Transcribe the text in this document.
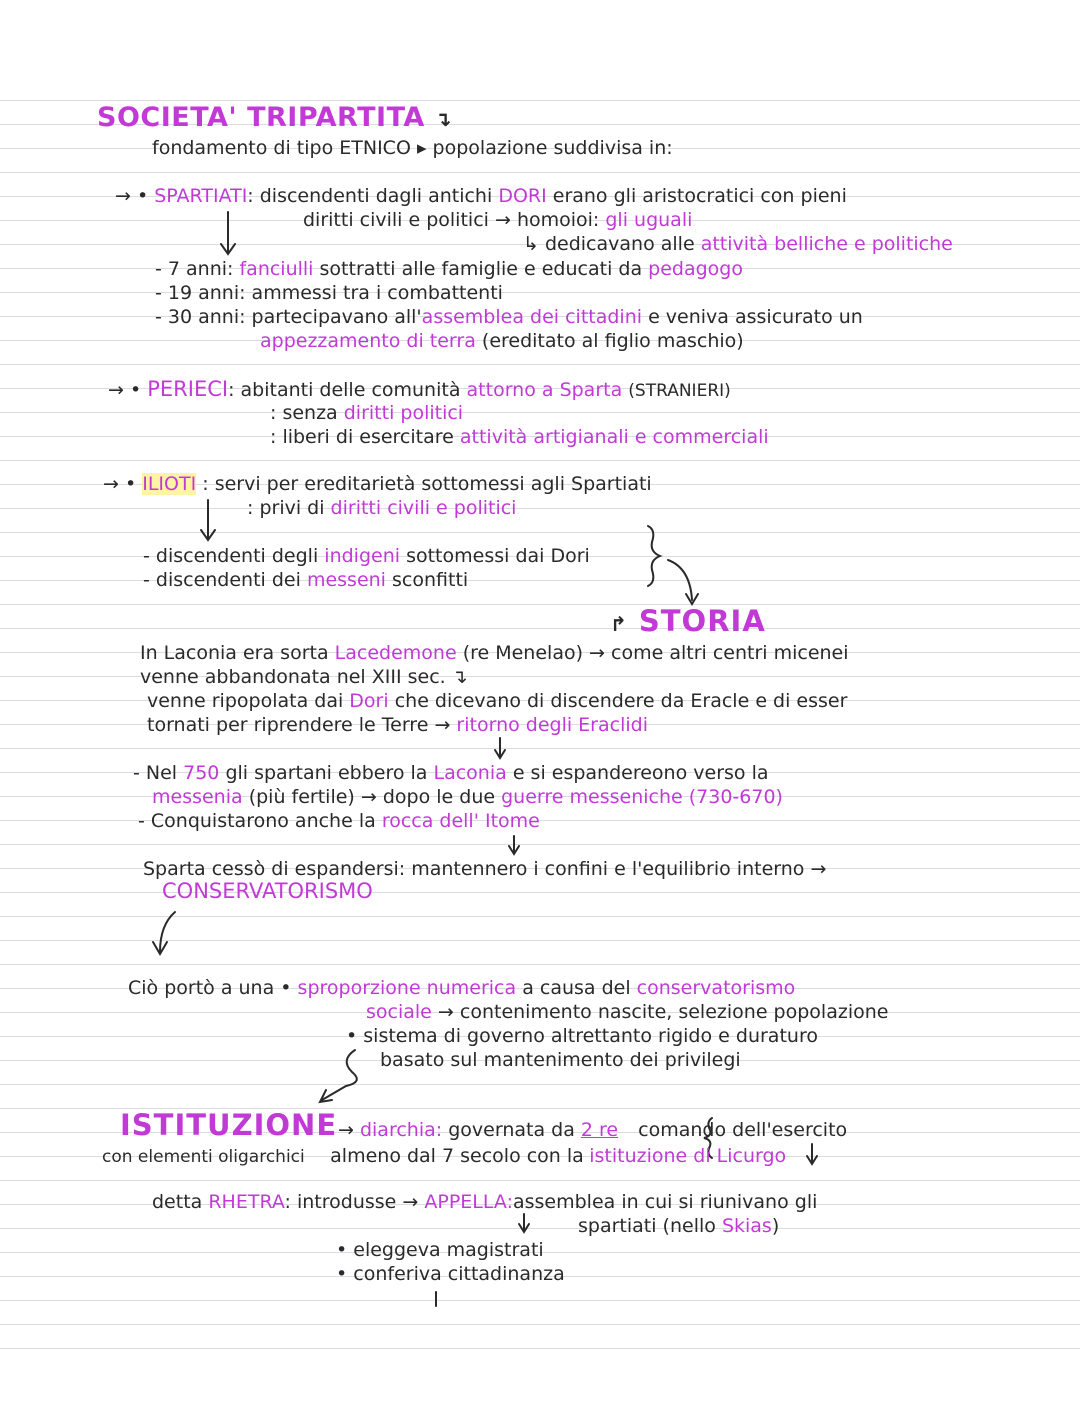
SOCIETA' TRIPARTITA ↴
fondamento di tipo ETNICO ▸ popolazione suddivisa in:
→ • SPARTIATI: discendenti dagli antichi DORI erano gli aristocratici con pieni
diritti civili e politici → homoioi: gli uguali
↳ dedicavano alle attività belliche e politiche
- 7 anni: fanciulli sottratti alle famiglie e educati da pedagogo
- 19 anni: ammessi tra i combattenti
- 30 anni: partecipavano all'assemblea dei cittadini e veniva assicurato un
appezzamento di terra (ereditato al figlio maschio)
→ • PERIECI: abitanti delle comunità attorno a Sparta (STRANIERI)
: senza diritti politici
: liberi di esercitare attività artigianali e commerciali
→ • ILIOTI : servi per ereditarietà sottomessi agli Spartiati
: privi di diritti civili e politici
- discendenti degli indigeni sottomessi dai Dori
- discendenti dei messeni sconfitti
↱ STORIA
In Laconia era sorta Lacedemone (re Menelao) → come altri centri micenei
venne abbandonata nel XIII sec. ↴
venne ripopolata dai Dori che dicevano di discendere da Eracle e di esser
tornati per riprendere le Terre → ritorno degli Eraclidi
- Nel 750 gli spartani ebbero la Laconia e si espandereono verso la
messenia (più fertile) → dopo le due guerre messeniche (730-670)
- Conquistarono anche la rocca dell' Itome
Sparta cessò di espandersi: mantennero i confini e l'equilibrio interno →
CONSERVATORISMO
Ciò portò a una • sproporzione numerica a causa del conservatorismo
sociale → contenimento nascite, selezione popolazione
• sistema di governo altrettanto rigido e duraturo
basato sul mantenimento dei privilegi
ISTITUZIONE → diarchia: governata da 2 re comando dell'esercito
con elementi oligarchici almeno dal 7 secolo con la istituzione di Licurgo
detta RHETRA: introdusse → APPELLA:assemblea in cui si riunivano gli
spartiati (nello Skias)
• eleggeva magistrati
• conferiva cittadinanza
